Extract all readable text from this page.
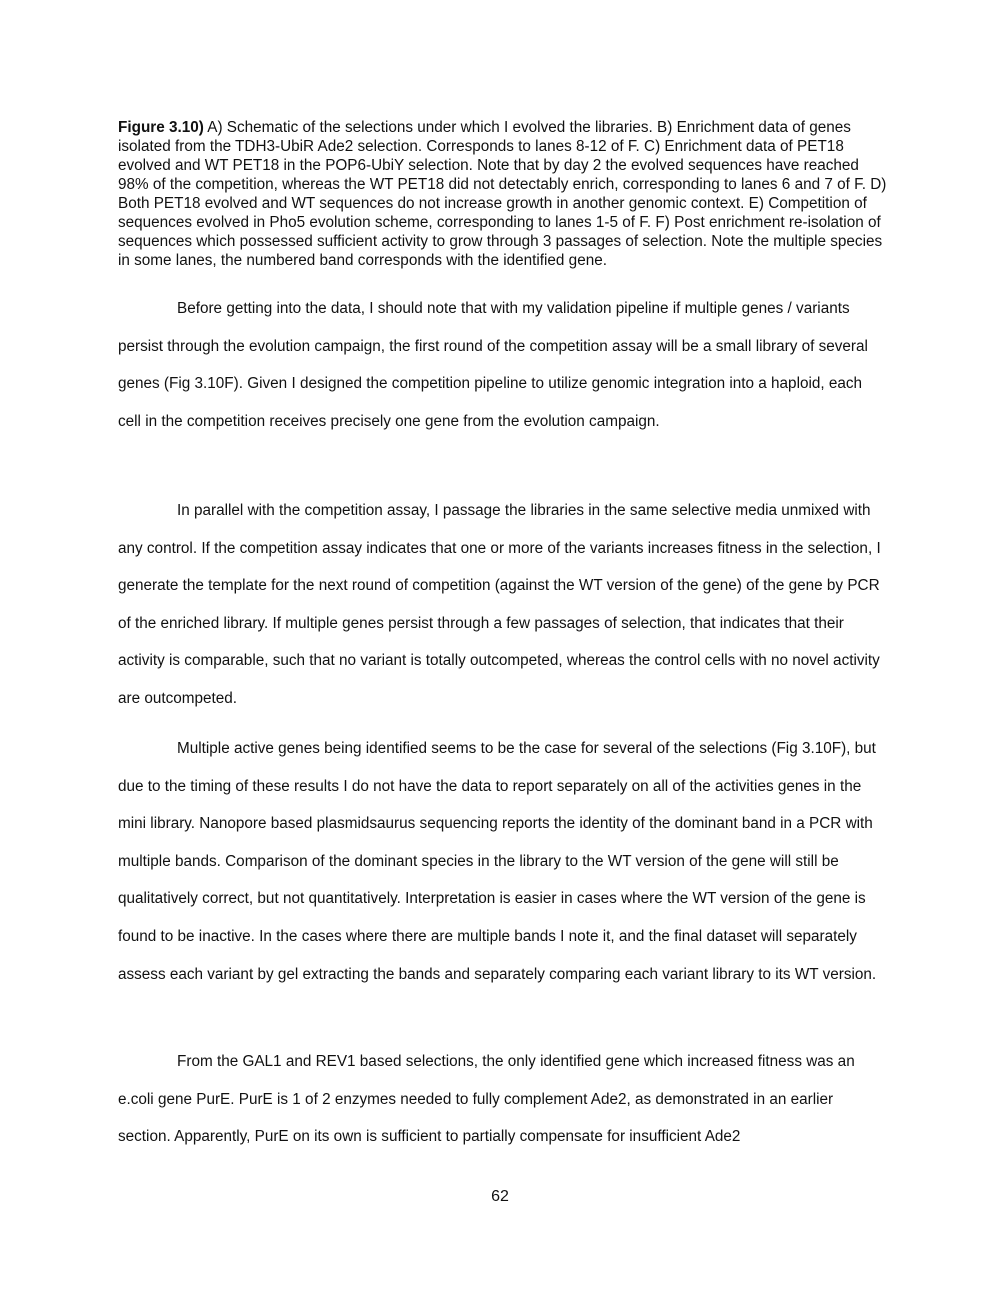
Figure 3.10) A) Schematic of the selections under which I evolved the libraries. B) Enrichment data of genes isolated from the TDH3-UbiR Ade2 selection. Corresponds to lanes 8-12 of F. C) Enrichment data of PET18 evolved and WT PET18 in the POP6-UbiY selection. Note that by day 2 the evolved sequences have reached 98% of the competition, whereas the WT PET18 did not detectably enrich, corresponding to lanes 6 and 7 of F. D) Both PET18 evolved and WT sequences do not increase growth in another genomic context. E) Competition of sequences evolved in Pho5 evolution scheme, corresponding to lanes 1-5 of F. F) Post enrichment re-isolation of sequences which possessed sufficient activity to grow through 3 passages of selection. Note the multiple species in some lanes, the numbered band corresponds with the identified gene.

Before getting into the data, I should note that with my validation pipeline if multiple genes / variants persist through the evolution campaign, the first round of the competition assay will be a small library of several genes (Fig 3.10F). Given I designed the competition pipeline to utilize genomic integration into a haploid, each cell in the competition receives precisely one gene from the evolution campaign.

In parallel with the competition assay, I passage the libraries in the same selective media unmixed with any control. If the competition assay indicates that one or more of the variants increases fitness in the selection, I generate the template for the next round of competition (against the WT version of the gene) of the gene by PCR of the enriched library. If multiple genes persist through a few passages of selection, that indicates that their activity is comparable, such that no variant is totally outcompeted, whereas the control cells with no novel activity are outcompeted.

Multiple active genes being identified seems to be the case for several of the selections (Fig 3.10F), but due to the timing of these results I do not have the data to report separately on all of the activities genes in the mini library. Nanopore based plasmidsaurus sequencing reports the identity of the dominant band in a PCR with multiple bands. Comparison of the dominant species in the library to the WT version of the gene will still be qualitatively correct, but not quantitatively. Interpretation is easier in cases where the WT version of the gene is found to be inactive. In the cases where there are multiple bands I note it, and the final dataset will separately assess each variant by gel extracting the bands and separately comparing each variant library to its WT version.

From the GAL1 and REV1 based selections, the only identified gene which increased fitness was an e.coli gene PurE. PurE is 1 of 2 enzymes needed to fully complement Ade2, as demonstrated in an earlier section. Apparently, PurE on its own is sufficient to partially compensate for insufficient Ade2

62
